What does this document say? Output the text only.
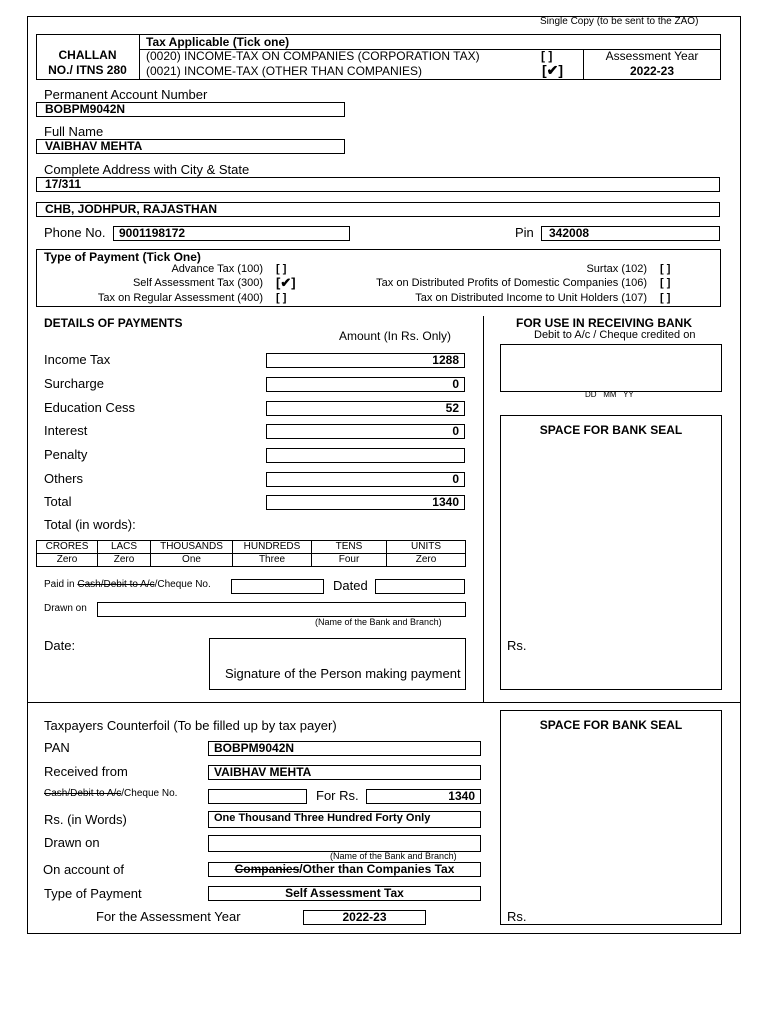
Single Copy (to be sent to the ZAO)
CHALLAN
NO./ ITNS 280
Tax Applicable (Tick one)
(0020) INCOME-TAX ON COMPANIES (CORPORATION TAX)	[ ]
(0021) INCOME-TAX (OTHER THAN COMPANIES)	[✔]
Assessment Year
2022-23
Permanent Account Number
BOBPM9042N
Full Name
VAIBHAV MEHTA
Complete Address with City & State
17/311
CHB, JODHPUR, RAJASTHAN
Phone No.	9001198172	Pin	342008
Type of Payment (Tick One)
Advance Tax (100) [ ]
Self Assessment Tax (300) [✔]
Tax on Regular Assessment (400) [ ]
Surtax (102) [ ]
Tax on Distributed Profits of Domestic Companies (106) [ ]
Tax on Distributed Income to Unit Holders (107) [ ]
DETAILS OF PAYMENTS
Amount (In Rs. Only)
Income Tax	1288
Surcharge	0
Education Cess	52
Interest	0
Penalty
Others	0
Total	1340
Total (in words):
CRORES	LACS	THOUSANDS	HUNDREDS	TENS	UNITS
Zero	Zero	One	Three	Four	Zero
Paid in Cash/Debit to A/c/Cheque No.	Dated
Drawn on
(Name of the Bank and Branch)
Date:
Signature of the Person making payment
FOR USE IN RECEIVING BANK
Debit to A/c / Cheque credited on
DD   MM   YY
SPACE FOR BANK SEAL
Rs.
Taxpayers Counterfoil (To be filled up by tax payer)
PAN	BOBPM9042N
Received from	VAIBHAV MEHTA
Cash/Debit to A/c/Cheque No.	For Rs.	1340
Rs. (in Words)	One Thousand Three Hundred Forty Only
Drawn on
(Name of the Bank and Branch)
On account of	Companies/Other than Companies Tax
Type of Payment	Self Assessment Tax
For the Assessment Year	2022-23
SPACE FOR BANK SEAL
Rs.
